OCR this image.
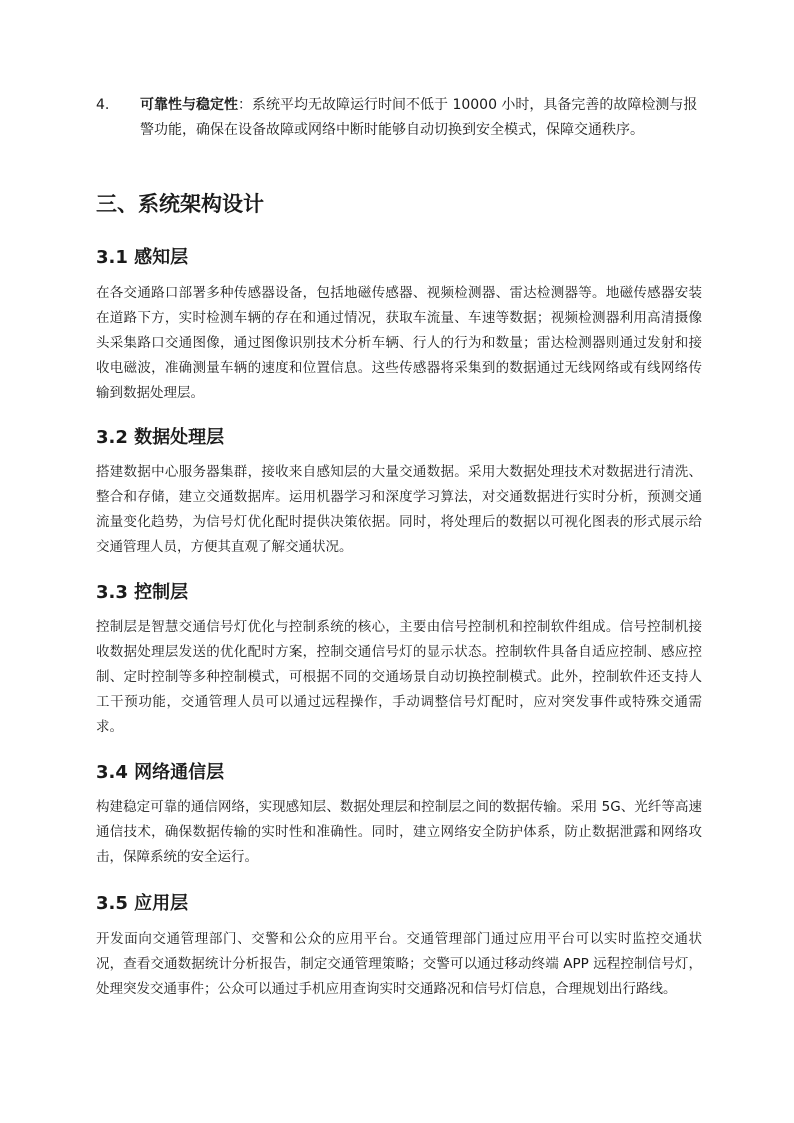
4.	可靠性与稳定性：系统平均无故障运行时间不低于 10000 小时，具备完善的故障检测与报警功能，确保在设备故障或网络中断时能够自动切换到安全模式，保障交通秩序。
三、系统架构设计
3.1 感知层

在各交通路口部署多种传感器设备，包括地磁传感器、视频检测器、雷达检测器等。地磁传感器安装在道路下方，实时检测车辆的存在和通过情况，获取车流量、车速等数据；视频检测器利用高清摄像头采集路口交通图像，通过图像识别技术分析车辆、行人的行为和数量；雷达检测器则通过发射和接收电磁波，准确测量车辆的速度和位置信息。这些传感器将采集到的数据通过无线网络或有线网络传输到数据处理层。

3.2 数据处理层

搭建数据中心服务器集群，接收来自感知层的大量交通数据。采用大数据处理技术对数据进行清洗、整合和存储，建立交通数据库。运用机器学习和深度学习算法，对交通数据进行实时分析，预测交通流量变化趋势，为信号灯优化配时提供决策依据。同时，将处理后的数据以可视化图表的形式展示给交通管理人员，方便其直观了解交通状况。

3.3 控制层

控制层是智慧交通信号灯优化与控制系统的核心，主要由信号控制机和控制软件组成。信号控制机接收数据处理层发送的优化配时方案，控制交通信号灯的显示状态。控制软件具备自适应控制、感应控制、定时控制等多种控制模式，可根据不同的交通场景自动切换控制模式。此外，控制软件还支持人工干预功能，交通管理人员可以通过远程操作，手动调整信号灯配时，应对突发事件或特殊交通需求。

3.4 网络通信层

构建稳定可靠的通信网络，实现感知层、数据处理层和控制层之间的数据传输。采用 5G、光纤等高速通信技术，确保数据传输的实时性和准确性。同时，建立网络安全防护体系，防止数据泄露和网络攻击，保障系统的安全运行。

3.5 应用层

开发面向交通管理部门、交警和公众的应用平台。交通管理部门通过应用平台可以实时监控交通状况，查看交通数据统计分析报告，制定交通管理策略；交警可以通过移动终端 APP 远程控制信号灯，处理突发交通事件；公众可以通过手机应用查询实时交通路况和信号灯信息，合理规划出行路线。
